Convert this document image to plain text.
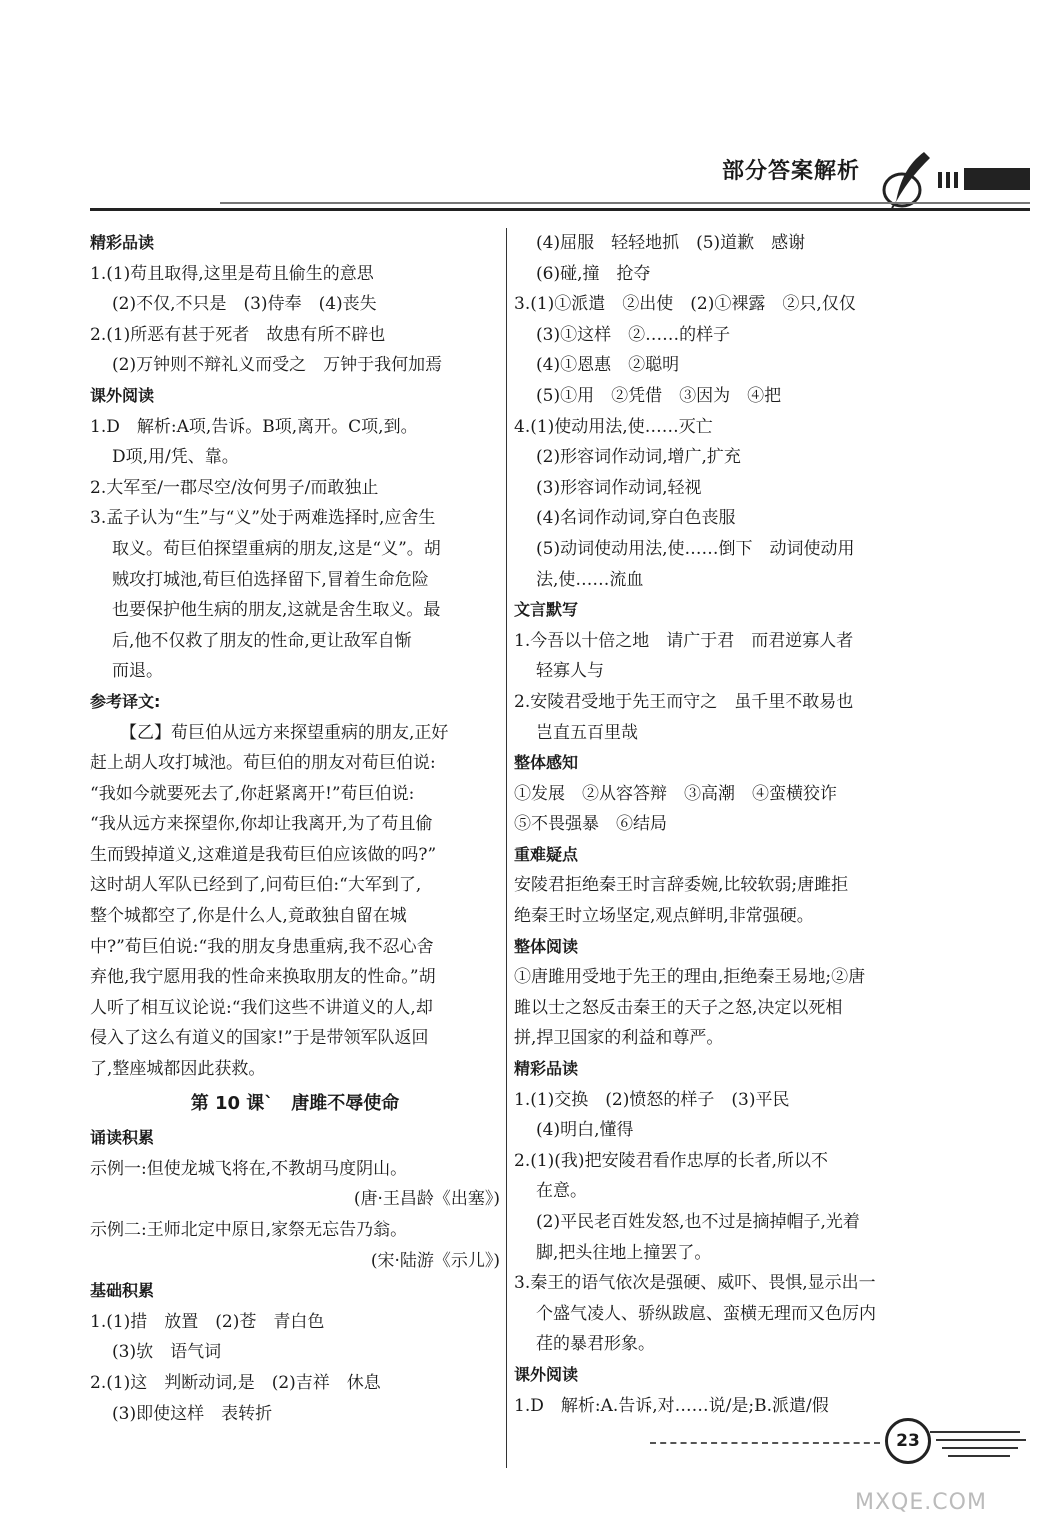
部分答案解析
精彩品读
1.(1)苟且取得,这里是苟且偷生的意思
(2)不仅,不只是　(3)侍奉　(4)丧失
2.(1)所恶有甚于死者　故患有所不辟也
(2)万钟则不辩礼义而受之　万钟于我何加焉
课外阅读
1.D　解析:A项,告诉。B项,离开。C项,到。
D项,用/凭、靠。
2.大军至/一郡尽空/汝何男子/而敢独止
3.孟子认为“生”与“义”处于两难选择时,应舍生
取义。荀巨伯探望重病的朋友,这是“义”。胡
贼攻打城池,荀巨伯选择留下,冒着生命危险
也要保护他生病的朋友,这就是舍生取义。最
后,他不仅救了朋友的性命,更让敌军自惭
而退。
参考译文:
【乙】荀巨伯从远方来探望重病的朋友,正好
赶上胡人攻打城池。荀巨伯的朋友对荀巨伯说:
“我如今就要死去了,你赶紧离开!”荀巨伯说:
“我从远方来探望你,你却让我离开,为了苟且偷
生而毁掉道义,这难道是我荀巨伯应该做的吗?”
这时胡人军队已经到了,问荀巨伯:“大军到了,
整个城都空了,你是什么人,竟敢独自留在城
中?”荀巨伯说:“我的朋友身患重病,我不忍心舍
弃他,我宁愿用我的性命来换取朋友的性命。”胡
人听了相互议论说:“我们这些不讲道义的人,却
侵入了这么有道义的国家!”于是带领军队返回
了,整座城都因此获救。
第 10 课`　唐雎不辱使命
诵读积累
示例一:但使龙城飞将在,不教胡马度阴山。
(唐·王昌龄《出塞》)
示例二:王师北定中原日,家祭无忘告乃翁。
(宋·陆游《示儿》)
基础积累
1.(1)措　放置　(2)苍　青白色
(3)欤　语气词
2.(1)这　判断动词,是　(2)吉祥　休息
(3)即使这样　表转折
(4)屈服　轻轻地抓　(5)道歉　感谢
(6)碰,撞　抢夺
3.(1)①派遣　②出使　(2)①裸露　②只,仅仅
(3)①这样　②……的样子
(4)①恩惠　②聪明
(5)①用　②凭借　③因为　④把
4.(1)使动用法,使……灭亡
(2)形容词作动词,增广,扩充
(3)形容词作动词,轻视
(4)名词作动词,穿白色丧服
(5)动词使动用法,使……倒下　动词使动用
法,使……流血
文言默写
1.今吾以十倍之地　请广于君　而君逆寡人者
轻寡人与
2.安陵君受地于先王而守之　虽千里不敢易也
岂直五百里哉
整体感知
①发展　②从容答辩　③高潮　④蛮横狡诈
⑤不畏强暴　⑥结局
重难疑点
安陵君拒绝秦王时言辞委婉,比较软弱;唐雎拒
绝秦王时立场坚定,观点鲜明,非常强硬。
整体阅读
①唐雎用受地于先王的理由,拒绝秦王易地;②唐
雎以士之怒反击秦王的天子之怒,决定以死相
拼,捍卫国家的利益和尊严。
精彩品读
1.(1)交换　(2)愤怒的样子　(3)平民
(4)明白,懂得
2.(1)(我)把安陵君看作忠厚的长者,所以不
在意。
(2)平民老百姓发怒,也不过是摘掉帽子,光着
脚,把头往地上撞罢了。
3.秦王的语气依次是强硬、威吓、畏惧,显示出一
个盛气凌人、骄纵跋扈、蛮横无理而又色厉内
荏的暴君形象。
课外阅读
1.D　解析:A.告诉,对……说/是;B.派遣/假
23
MXQE.COM
